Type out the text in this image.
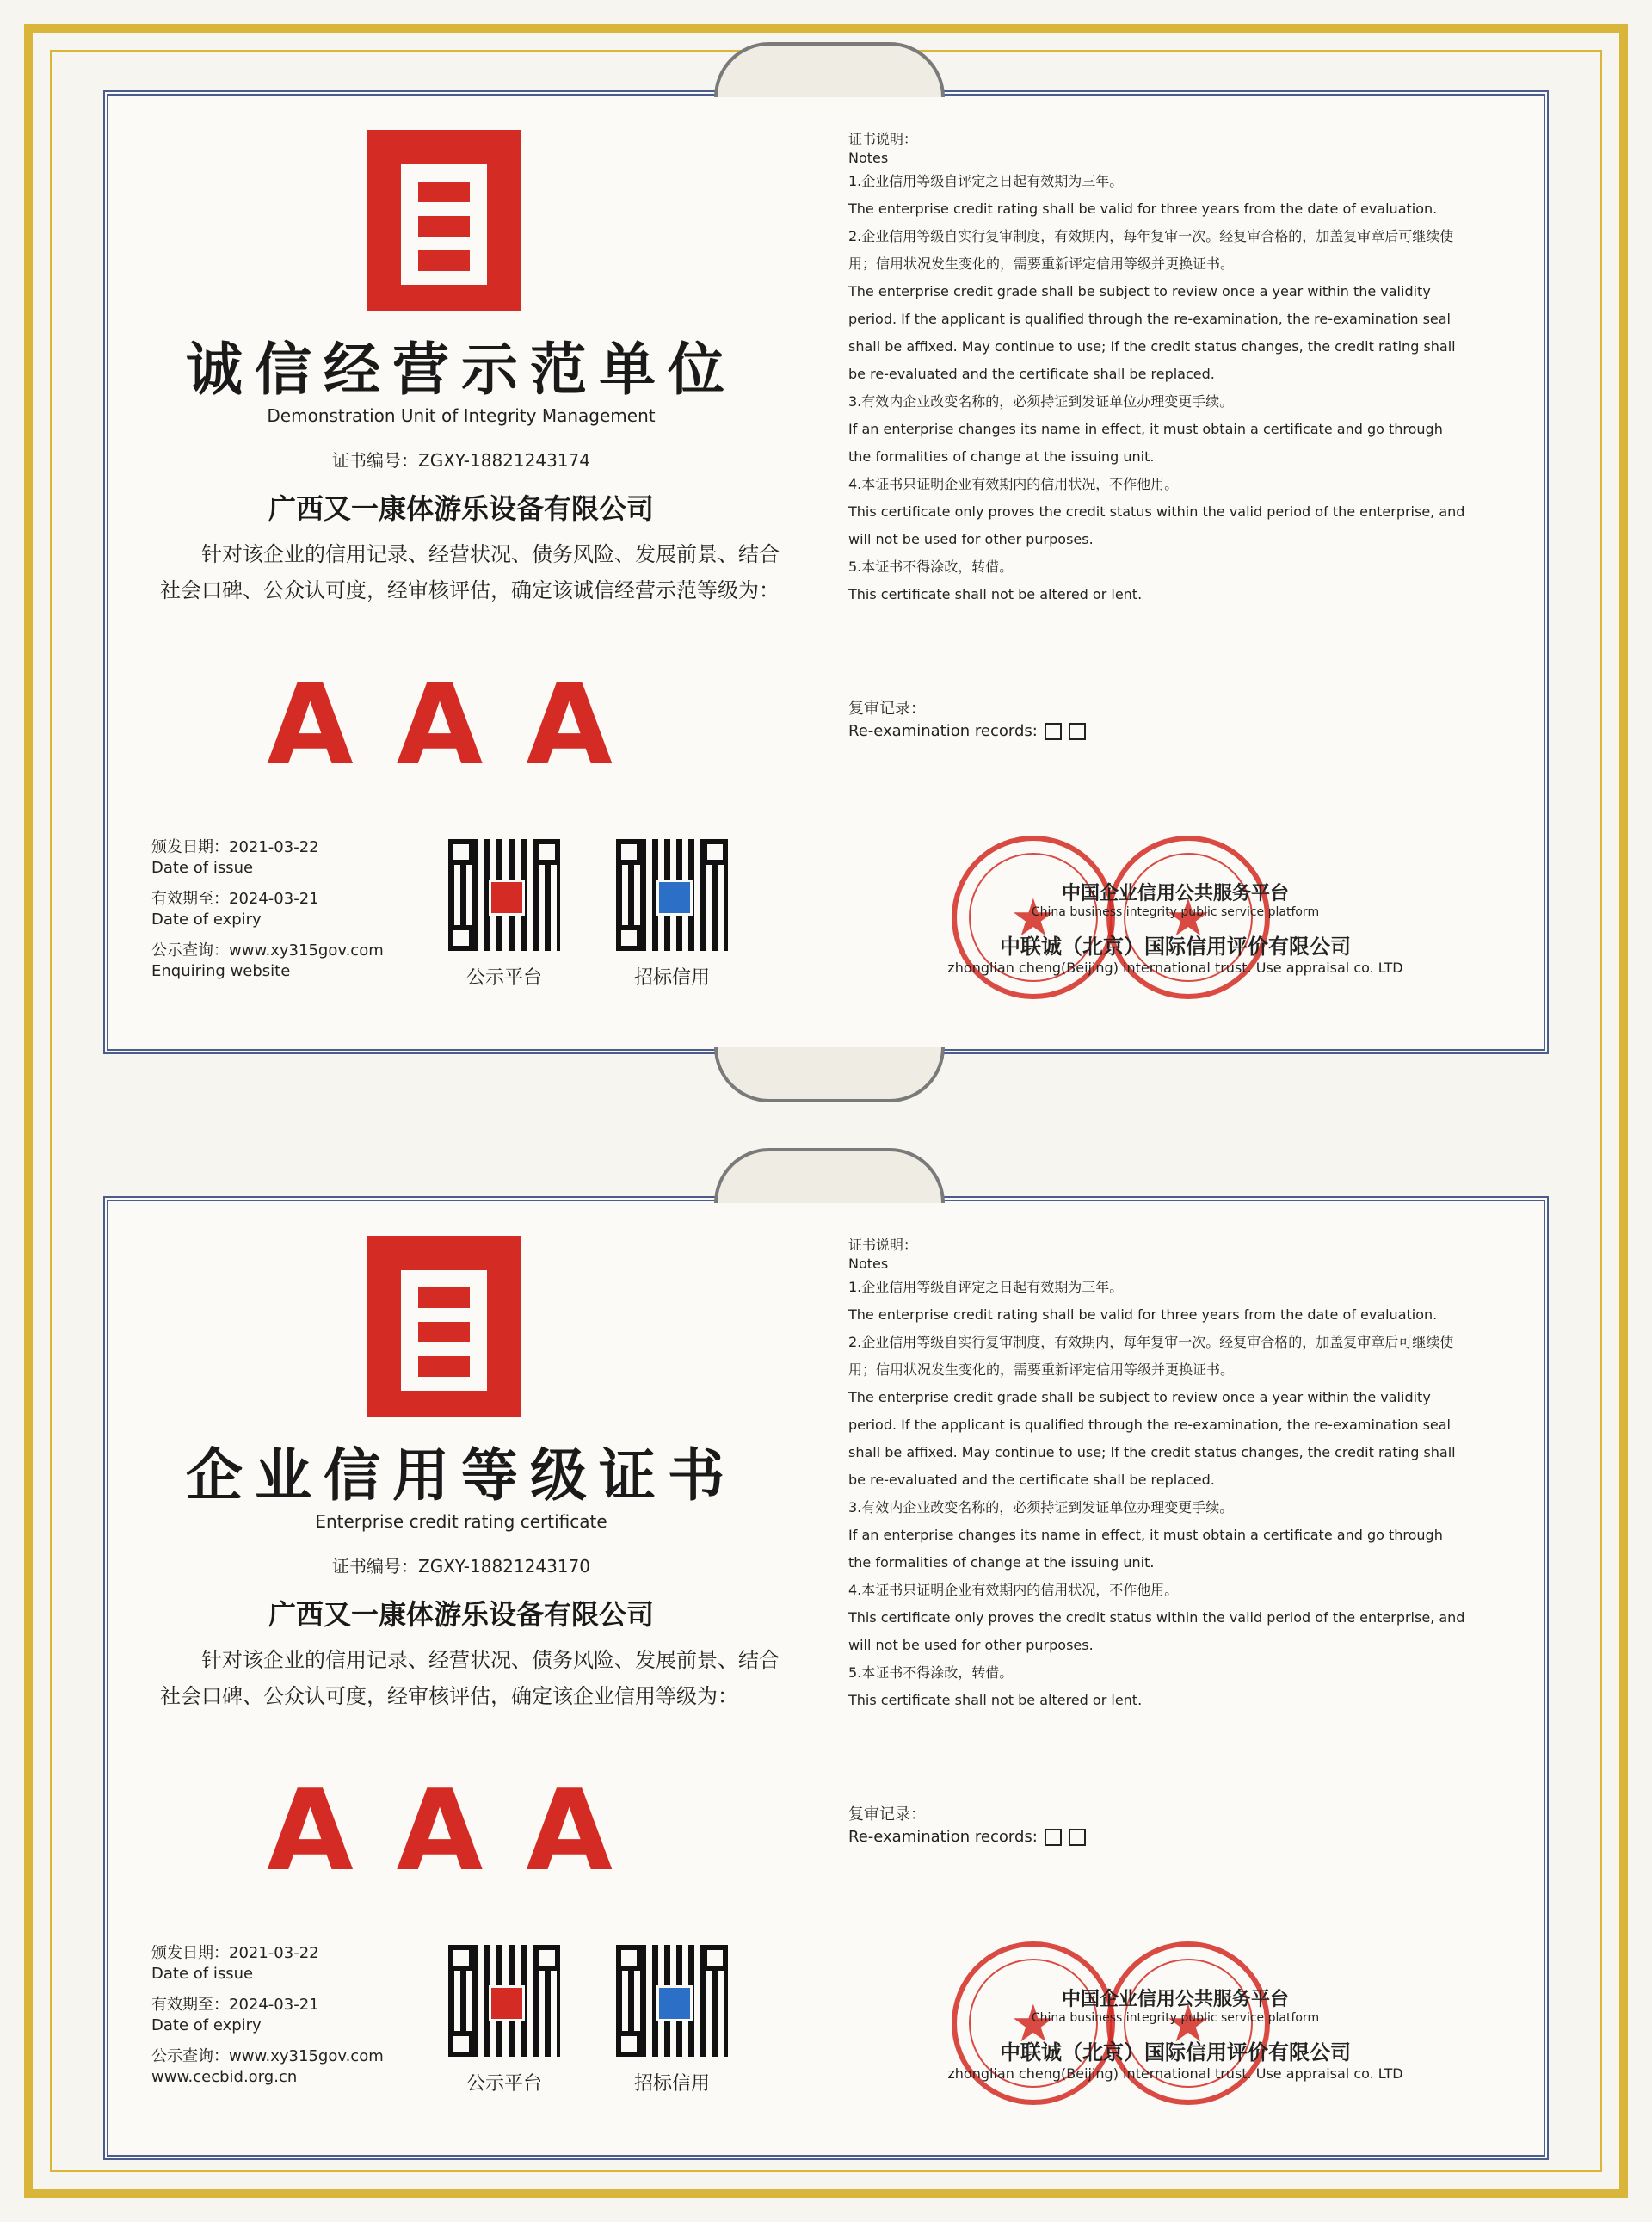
诚信经营示范单位
Demonstration Unit of Integrity Management
证书编号：ZGXY-18821243174
广西又一康体游乐设备有限公司
针对该企业的信用记录、经营状况、债务风险、发展前景、结合社会口碑、公众认可度，经审核评估，确定该诚信经营示范等级为：
AAA
颁发日期：2021-03-22
Date of issue
有效期至：2024-03-21
Date of expiry
公示查询：www.xy315gov.com
Enquiring website	公示平台	招标信用
证书说明：
Notes
1.企业信用等级自评定之日起有效期为三年。
The enterprise credit rating shall be valid for three years from the date of evaluation.
2.企业信用等级自实行复审制度，有效期内，每年复审一次。经复审合格的，加盖复审章后可继续使用；信用状况发生变化的，需要重新评定信用等级并更换证书。
The enterprise credit grade shall be subject to review once a year within the validity period. If the applicant is qualified through the re-examination, the re-examination seal shall be affixed. May continue to use; If the credit status changes, the credit rating shall be re-evaluated and the certificate shall be replaced.
3.有效内企业改变名称的，必须持证到发证单位办理变更手续。
If an enterprise changes its name in effect, it must obtain a certificate and go through the formalities of change at the issuing unit.
4.本证书只证明企业有效期内的信用状况，不作他用。
This certificate only proves the credit status within the valid period of the enterprise, and will not be used for other purposes.
5.本证书不得涂改，转借。
This certificate shall not be altered or lent.
复审记录：
Re-examination records:
★ ★
中国企业信用公共服务平台
China business integrity public service platform
中联诚（北京）国际信用评价有限公司
zhonglian cheng(Beijing) international trust. Use appraisal co. LTD
企业信用等级证书
Enterprise credit rating certificate
证书编号：ZGXY-18821243170
广西又一康体游乐设备有限公司
针对该企业的信用记录、经营状况、债务风险、发展前景、结合社会口碑、公众认可度，经审核评估，确定该企业信用等级为：
AAA
颁发日期：2021-03-22
Date of issue
有效期至：2024-03-21
Date of expiry
公示查询：www.xy315gov.com
www.cecbid.org.cn	公示平台	招标信用
证书说明：
Notes
1.企业信用等级自评定之日起有效期为三年。
The enterprise credit rating shall be valid for three years from the date of evaluation.
2.企业信用等级自实行复审制度，有效期内，每年复审一次。经复审合格的，加盖复审章后可继续使用；信用状况发生变化的，需要重新评定信用等级并更换证书。
The enterprise credit grade shall be subject to review once a year within the validity period. If the applicant is qualified through the re-examination, the re-examination seal shall be affixed. May continue to use; If the credit status changes, the credit rating shall be re-evaluated and the certificate shall be replaced.
3.有效内企业改变名称的，必须持证到发证单位办理变更手续。
If an enterprise changes its name in effect, it must obtain a certificate and go through the formalities of change at the issuing unit.
4.本证书只证明企业有效期内的信用状况，不作他用。
This certificate only proves the credit status within the valid period of the enterprise, and will not be used for other purposes.
5.本证书不得涂改，转借。
This certificate shall not be altered or lent.
复审记录：
Re-examination records:
★ ★
中国企业信用公共服务平台
China business integrity public service platform
中联诚（北京）国际信用评价有限公司
zhonglian cheng(Beijing) international trust. Use appraisal co. LTD
